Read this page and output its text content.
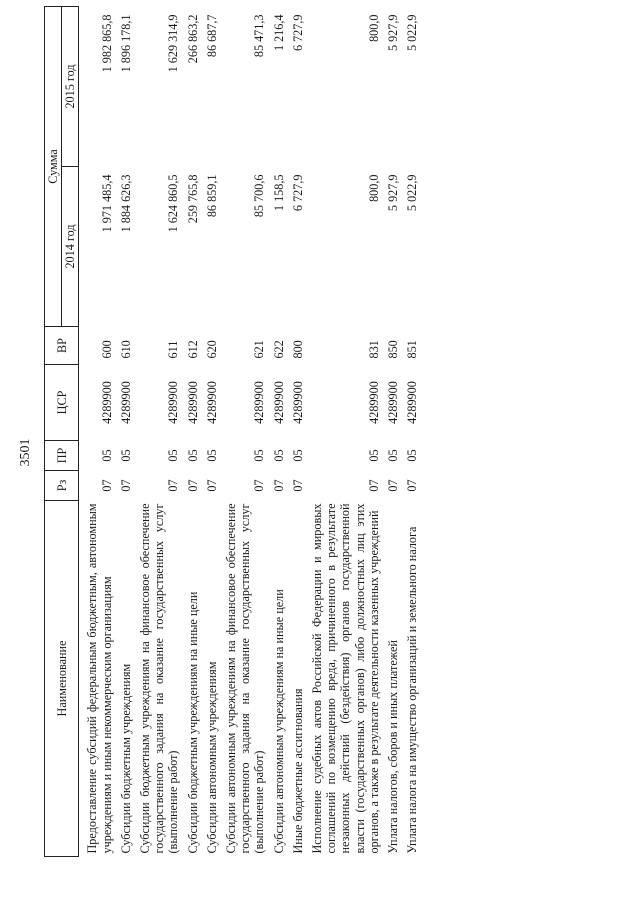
3501
Наименование	Рз	ПР	ЦСР	ВР	Сумма	
					2014 год	2015 год
Предоставление субсидий федеральным бюджетным, автономным учреждениям и иным некоммерческим организациям	07	05	4289900	600	1 971 485,4	1 982 865,8
Субсидии бюджетным учреждениям	07	05	4289900	610	1 884 626,3	1 896 178,1
Субсидии бюджетным учреждениям на финансовое обеспечение государственного задания на оказание государственных услуг (выполнение работ)	07	05	4289900	611	1 624 860,5	1 629 314,9
Субсидии бюджетным учреждениям на иные цели	07	05	4289900	612	259 765,8	266 863,2
Субсидии автономным учреждениям	07	05	4289900	620	86 859,1	86 687,7
Субсидии автономным учреждениям на финансовое обеспечение государственного задания на оказание государственных услуг (выполнение работ)	07	05	4289900	621	85 700,6	85 471,3
Субсидии автономным учреждениям на иные цели	07	05	4289900	622	1 158,5	1 216,4
Иные бюджетные ассигнования	07	05	4289900	800	6 727,9	6 727,9
Исполнение судебных актов Российской Федерации и мировых соглашений по возмещению вреда, причиненного в результате незаконных действий (бездействия) органов государственной власти (государственных органов) либо должностных лиц этих органов, а также в результате деятельности казенных учреждений	07	05	4289900	831	800,0	800,0
Уплата налогов, сборов и иных платежей	07	05	4289900	850	5 927,9	5 927,9
Уплата налога на имущество организаций и земельного налога	07	05	4289900	851	5 022,9	5 022,9
